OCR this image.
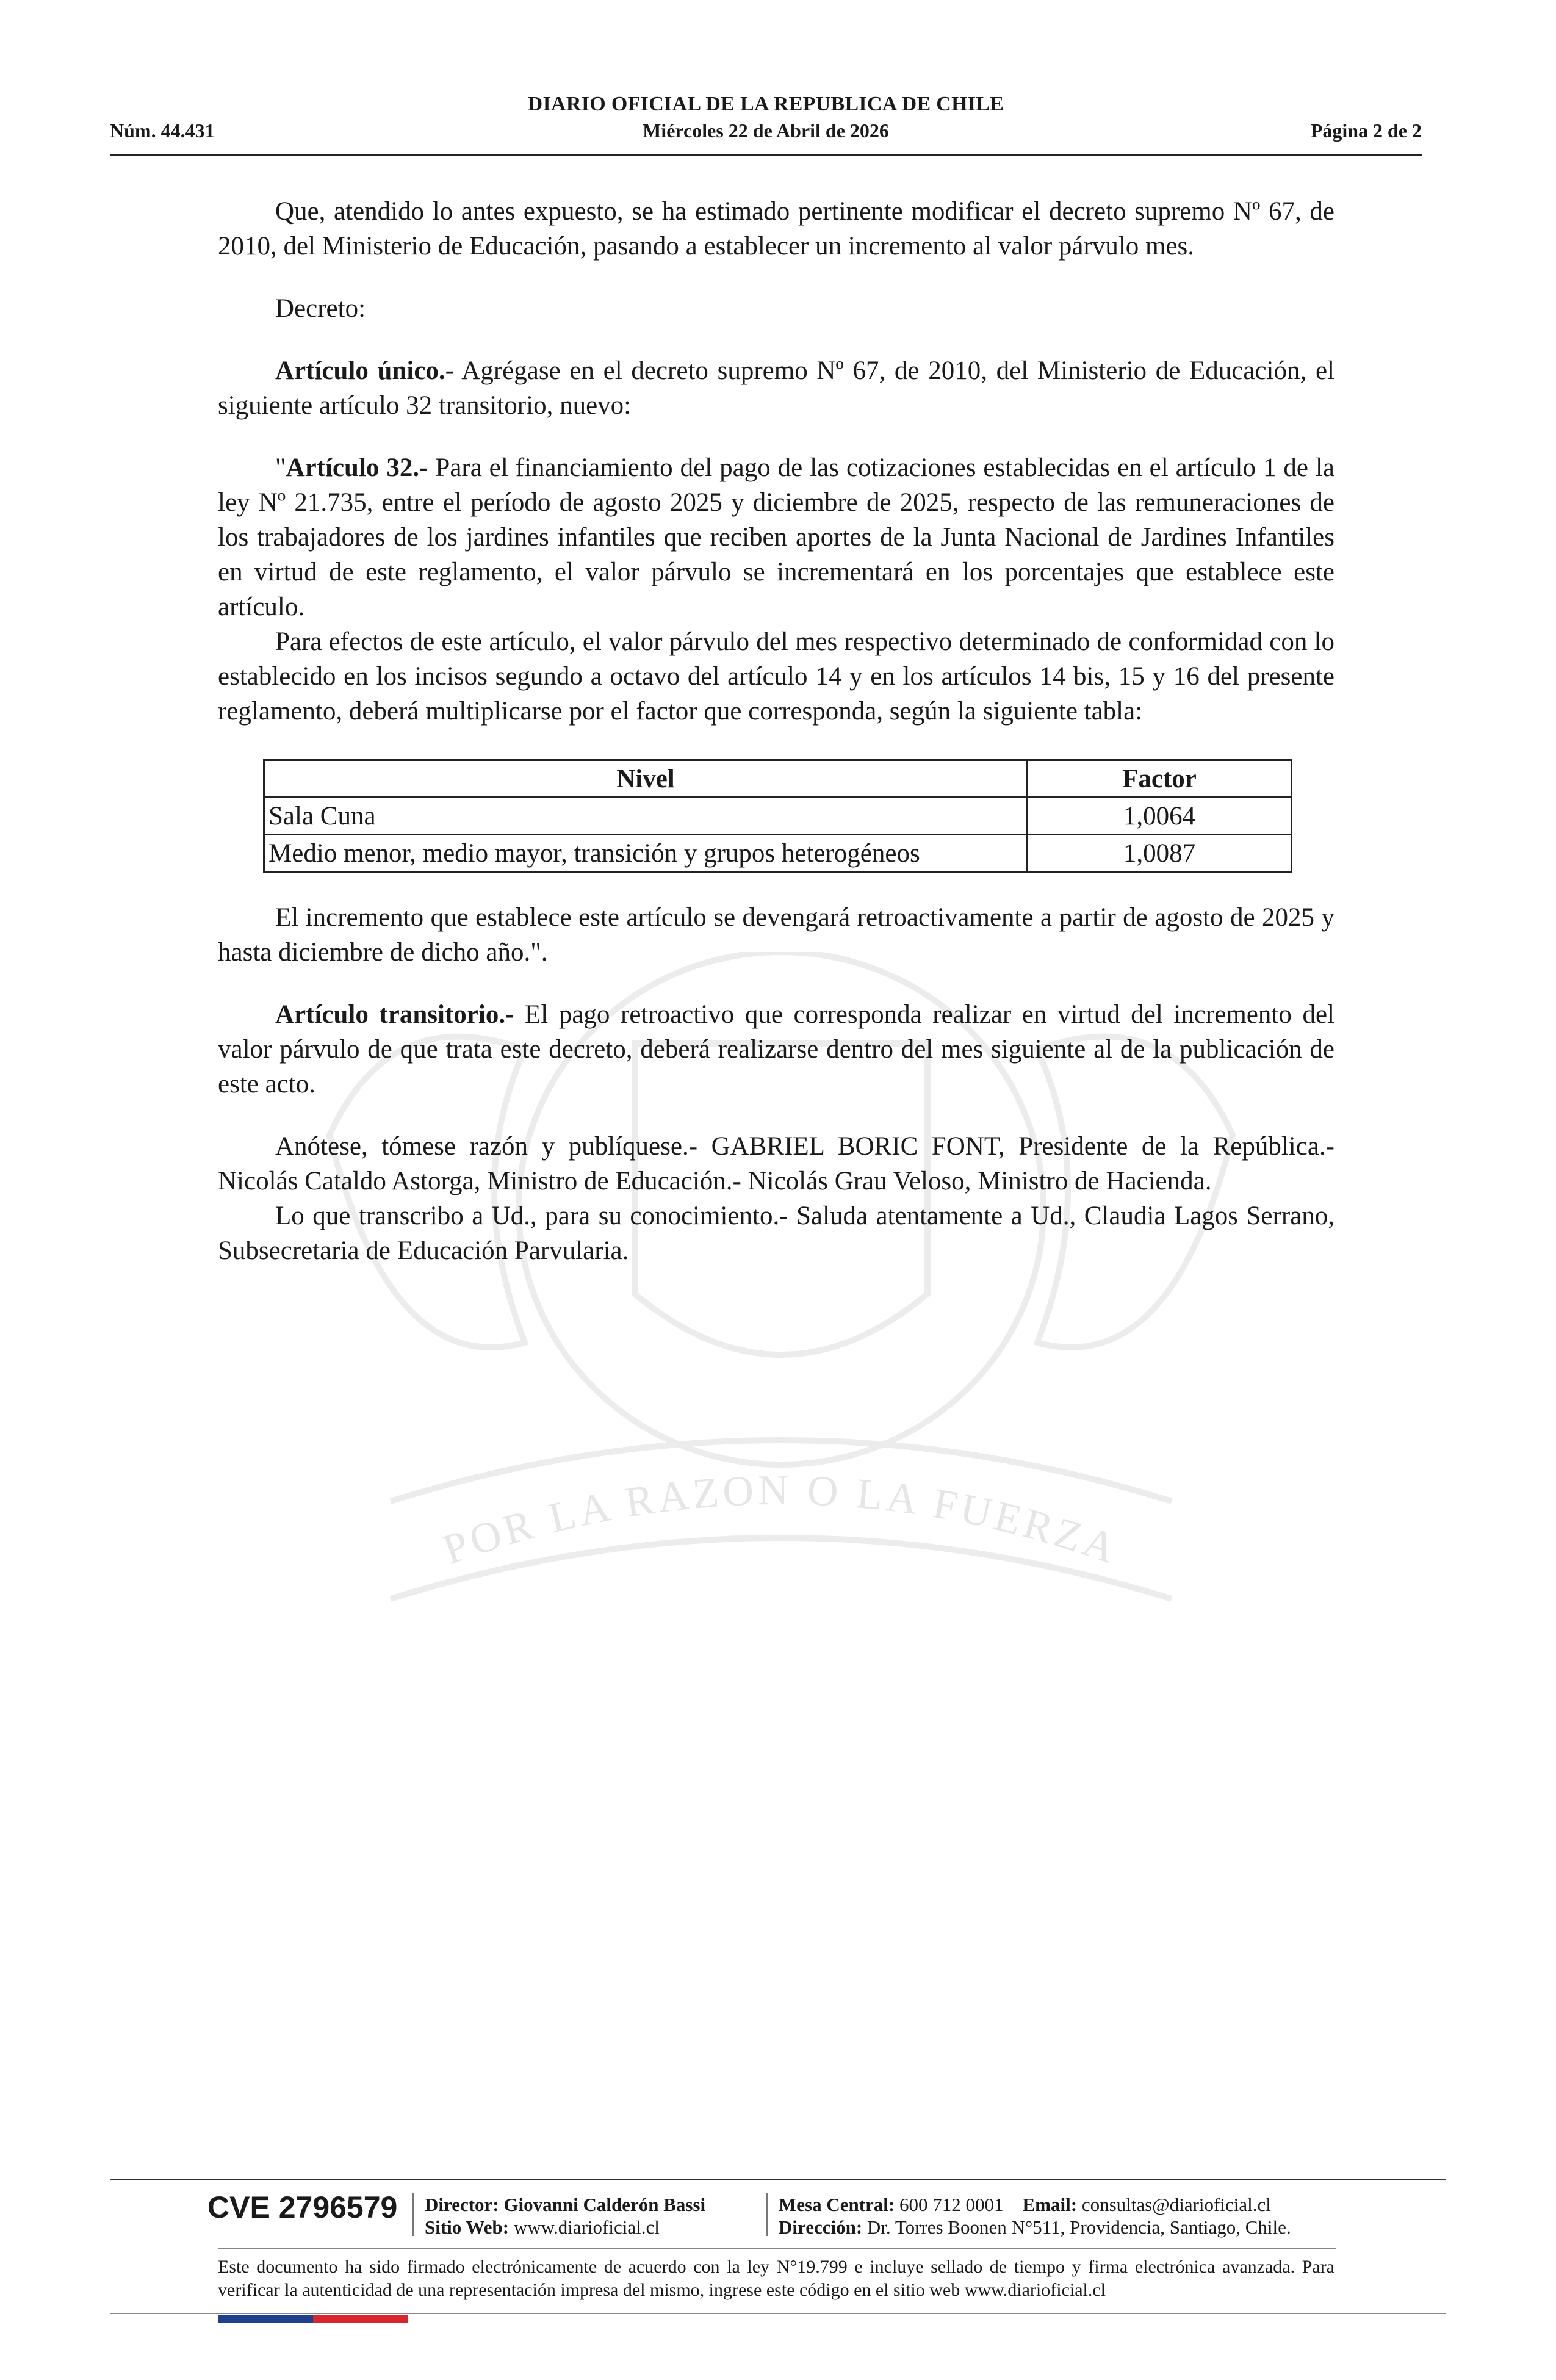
POR LA RAZON O LA FUERZA
DIARIO OFICIAL DE LA REPUBLICA DE CHILE
Núm. 44.431	Miércoles 22 de Abril de 2026	Página 2 de 2

Que, atendido lo antes expuesto, se ha estimado pertinente modificar el decreto supremo Nº 67, de 2010, del Ministerio de Educación, pasando a establecer un incremento al valor párvulo mes.

Decreto:

Artículo único.- Agrégase en el decreto supremo Nº 67, de 2010, del Ministerio de Educación, el siguiente artículo 32 transitorio, nuevo:

"Artículo 32.- Para el financiamiento del pago de las cotizaciones establecidas en el artículo 1 de la ley Nº 21.735, entre el período de agosto 2025 y diciembre de 2025, respecto de las remuneraciones de los trabajadores de los jardines infantiles que reciben aportes de la Junta Nacional de Jardines Infantiles en virtud de este reglamento, el valor párvulo se incrementará en los porcentajes que establece este artículo.

Para efectos de este artículo, el valor párvulo del mes respectivo determinado de conformidad con lo establecido en los incisos segundo a octavo del artículo 14 y en los artículos 14 bis, 15 y 16 del presente reglamento, deberá multiplicarse por el factor que corresponda, según la siguiente tabla:

Nivel	Factor
Sala Cuna	1,0064
Medio menor, medio mayor, transición y grupos heterogéneos	1,0087

El incremento que establece este artículo se devengará retroactivamente a partir de agosto de 2025 y hasta diciembre de dicho año.".

Artículo transitorio.- El pago retroactivo que corresponda realizar en virtud del incremento del valor párvulo de que trata este decreto, deberá realizarse dentro del mes siguiente al de la publicación de este acto.

Anótese, tómese razón y publíquese.- GABRIEL BORIC FONT, Presidente de la República.- Nicolás Cataldo Astorga, Ministro de Educación.- Nicolás Grau Veloso, Ministro de Hacienda.

Lo que transcribo a Ud., para su conocimiento.- Saluda atentamente a Ud., Claudia Lagos Serrano, Subsecretaria de Educación Parvularia.

CVE 2796579 Director: Giovanni Calderón Bassi
Sitio Web: www.diarioficial.cl
Mesa Central: 600 712 0001 Email: consultas@diarioficial.cl
Dirección: Dr. Torres Boonen N°511, Providencia, Santiago, Chile.
Este documento ha sido firmado electrónicamente de acuerdo con la ley N°19.799 e incluye sellado de tiempo y firma electrónica avanzada. Para verificar la autenticidad de una representación impresa del mismo, ingrese este código en el sitio web www.diarioficial.cl
